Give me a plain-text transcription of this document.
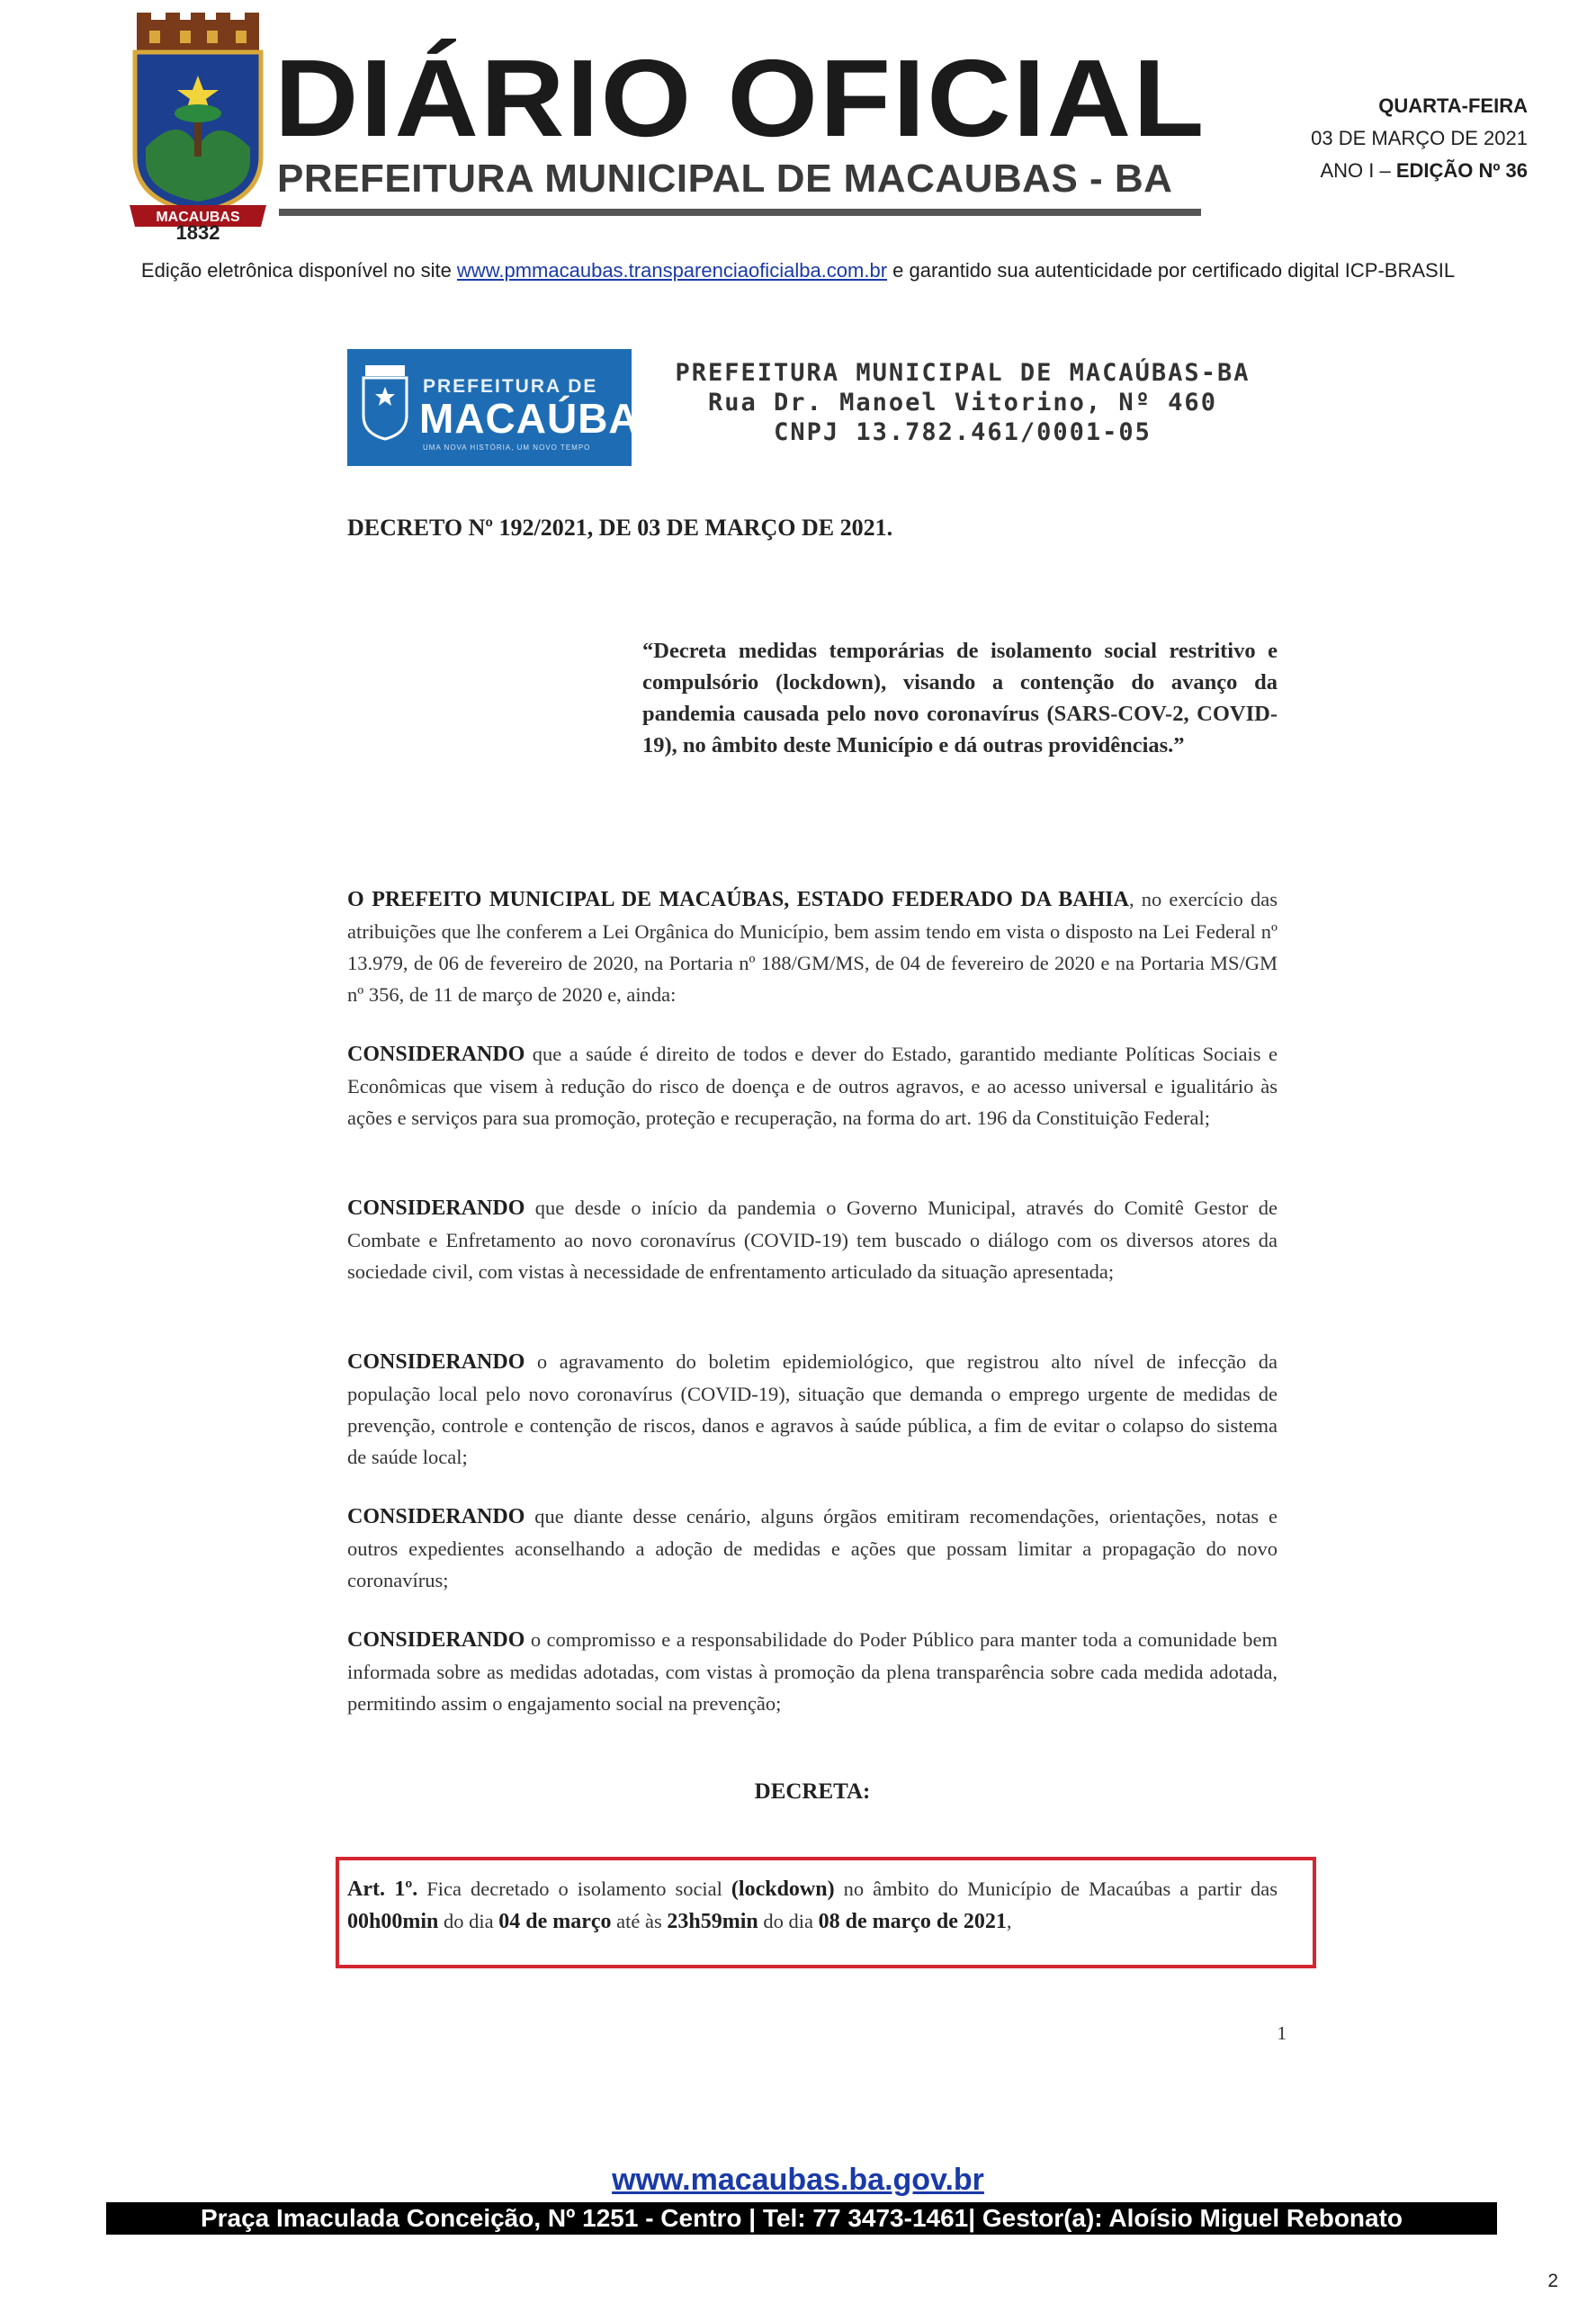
MACAUBAS
1832
DIÁRIO OFICIAL
PREFEITURA MUNICIPAL DE MACAUBAS - BA
QUARTA-FEIRA
03 DE MARÇO DE 2021
ANO I – EDIÇÃO Nº 36
Edição eletrônica disponível no site www.pmmacaubas.transparenciaoficialba.com.br e garantido sua autenticidade por certificado digital ICP-BRASIL
PREFEITURA DE
MACAÚBAS
UMA NOVA HISTÓRIA, UM NOVO TEMPO
PREFEITURA MUNICIPAL DE MACAÚBAS-BA
Rua Dr. Manoel Vitorino, Nº 460
CNPJ 13.782.461/0001-05
DECRETO Nº 192/2021, DE 03 DE MARÇO DE 2021.
“Decreta medidas temporárias de isolamento social restritivo e compulsório (lockdown), visando a contenção do avanço da pandemia causada pelo novo coronavírus (SARS-COV-2, COVID-19), no âmbito deste Município e dá outras providências.”
O PREFEITO MUNICIPAL DE MACAÚBAS, ESTADO FEDERADO DA BAHIA, no exercício das atribuições que lhe conferem a Lei Orgânica do Município, bem assim tendo em vista o disposto na Lei Federal nº 13.979, de 06 de fevereiro de 2020, na Portaria nº 188/GM/MS, de 04 de fevereiro de 2020 e na Portaria MS/GM nº 356, de 11 de março de 2020 e, ainda:
CONSIDERANDO que a saúde é direito de todos e dever do Estado, garantido mediante Políticas Sociais e Econômicas que visem à redução do risco de doença e de outros agravos, e ao acesso universal e igualitário às ações e serviços para sua promoção, proteção e recuperação, na forma do art. 196 da Constituição Federal;
CONSIDERANDO que desde o início da pandemia o Governo Municipal, através do Comitê Gestor de Combate e Enfretamento ao novo coronavírus (COVID-19) tem buscado o diálogo com os diversos atores da sociedade civil, com vistas à necessidade de enfrentamento articulado da situação apresentada;
CONSIDERANDO o agravamento do boletim epidemiológico, que registrou alto nível de infecção da população local pelo novo coronavírus (COVID-19), situação que demanda o emprego urgente de medidas de prevenção, controle e contenção de riscos, danos e agravos à saúde pública, a fim de evitar o colapso do sistema de saúde local;
CONSIDERANDO que diante desse cenário, alguns órgãos emitiram recomendações, orientações, notas e outros expedientes aconselhando a adoção de medidas e ações que possam limitar a propagação do novo coronavírus;
CONSIDERANDO o compromisso e a responsabilidade do Poder Público para manter toda a comunidade bem informada sobre as medidas adotadas, com vistas à promoção da plena transparência sobre cada medida adotada, permitindo assim o engajamento social na prevenção;
DECRETA:
Art. 1º. Fica decretado o isolamento social (lockdown) no âmbito do Município de Macaúbas a partir das 00h00min do dia 04 de março até às 23h59min do dia 08 de março de 2021,
1
www.macaubas.ba.gov.br
Praça Imaculada Conceição, Nº 1251 - Centro | Tel: 77 3473-1461| Gestor(a): Aloísio Miguel Rebonato
2
